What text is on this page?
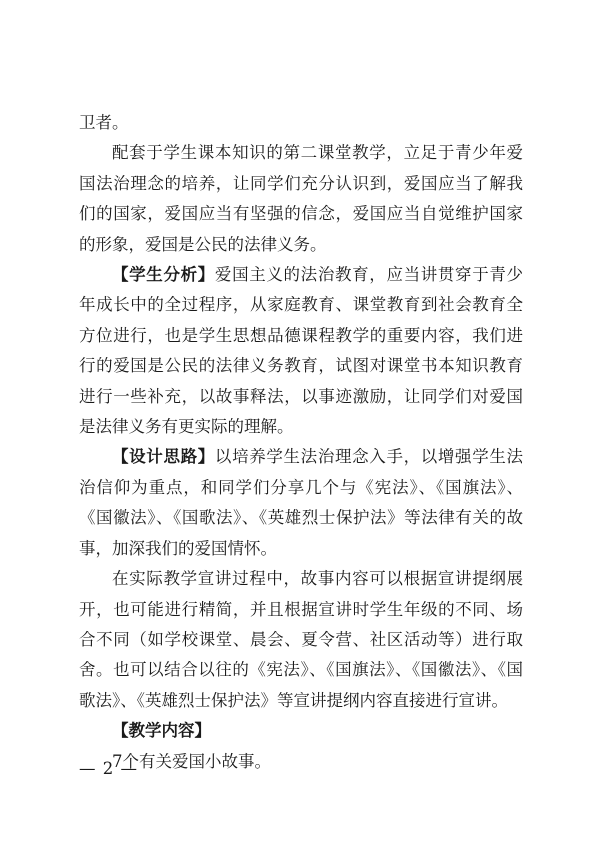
卫者。

配套于学生课本知识的第二课堂教学，立足于青少年爱国法治理念的培养，让同学们充分认识到，爱国应当了解我们的国家，爱国应当有坚强的信念，爱国应当自觉维护国家的形象，爱国是公民的法律义务。

【学生分析】爱国主义的法治教育，应当讲贯穿于青少年成长中的全过程序，从家庭教育、课堂教育到社会教育全方位进行，也是学生思想品德课程教学的重要内容，我们进行的爱国是公民的法律义务教育，试图对课堂书本知识教育进行一些补充，以故事释法，以事迹激励，让同学们对爱国是法律义务有更实际的理解。

【设计思路】以培养学生法治理念入手，以增强学生法治信仰为重点，和同学们分享几个与《宪法》、《国旗法》、《国徽法》、《国歌法》、《英雄烈士保护法》等法律有关的故事，加深我们的爱国情怀。

在实际教学宣讲过程中，故事内容可以根据宣讲提纲展开，也可能进行精简，并且根据宣讲时学生年级的不同、场合不同（如学校课堂、晨会、夏令营、社区活动等）进行取舍。也可以结合以往的《宪法》、《国旗法》、《国徽法》、《国歌法》、《英雄烈士保护法》等宣讲提纲内容直接进行宣讲。

【教学内容】

7个有关爱国小故事。

— 2 —
